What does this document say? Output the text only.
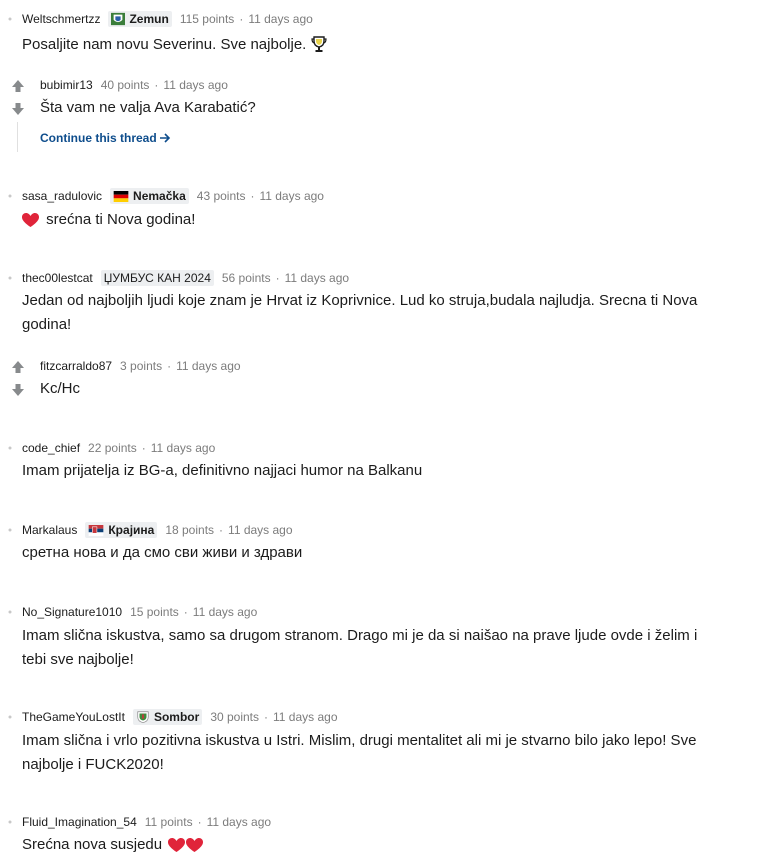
Weltschmertzz Zemun 115 points · 11 days ago
Posaljite nam novu Severinu. Sve najbolje.
bubimir13 40 points · 11 days ago
Šta vam ne valja Ava Karabatić?
Continue this thread
sasa_radulovic	Nemačka 43 points · 11 days ago
srećna ti Nova godina!
thec00lestcat ЏУМБУС КАН 2024 56 points · 11 days ago
Jedan od najboljih ljudi koje znam je Hrvat iz Koprivnice. Lud ko struja,budala najludja. Srecna ti Nova godina!
fitzcarraldo87 3 points · 11 days ago
Kc/Hc
code_chief 22 points · 11 days ago
Imam prijatelja iz BG-a, definitivno najjaci humor na Balkanu
Markalaus	Крајина 18 points · 11 days ago
сретна нова и да смо сви живи и здрави
No_Signature1010 15 points · 11 days ago
Imam slična iskustva, samo sa drugom stranom. Drago mi je da si naišao na prave ljude ovde i želim i tebi sve najbolje!
TheGameYouLostIt Sombor 30 points · 11 days ago
Imam slična i vrlo pozitivna iskustva u Istri. Mislim, drugi mentalitet ali mi je stvarno bilo jako lepo! Sve najbolje i FUCK2020!
Fluid_Imagination_54 11 points · 11 days ago
Srećna nova susjedu
